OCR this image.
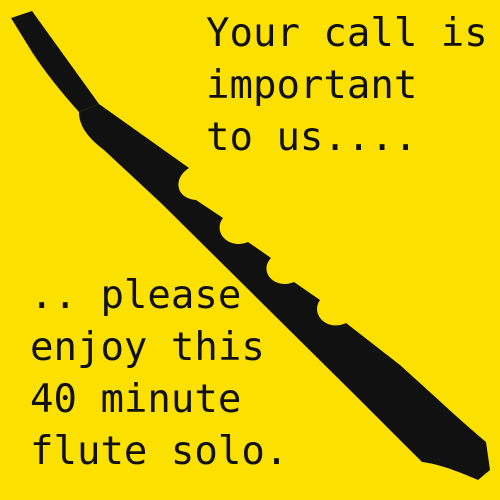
Your call is
important
to us....

.. please
enjoy this
40 minute
flute solo.
